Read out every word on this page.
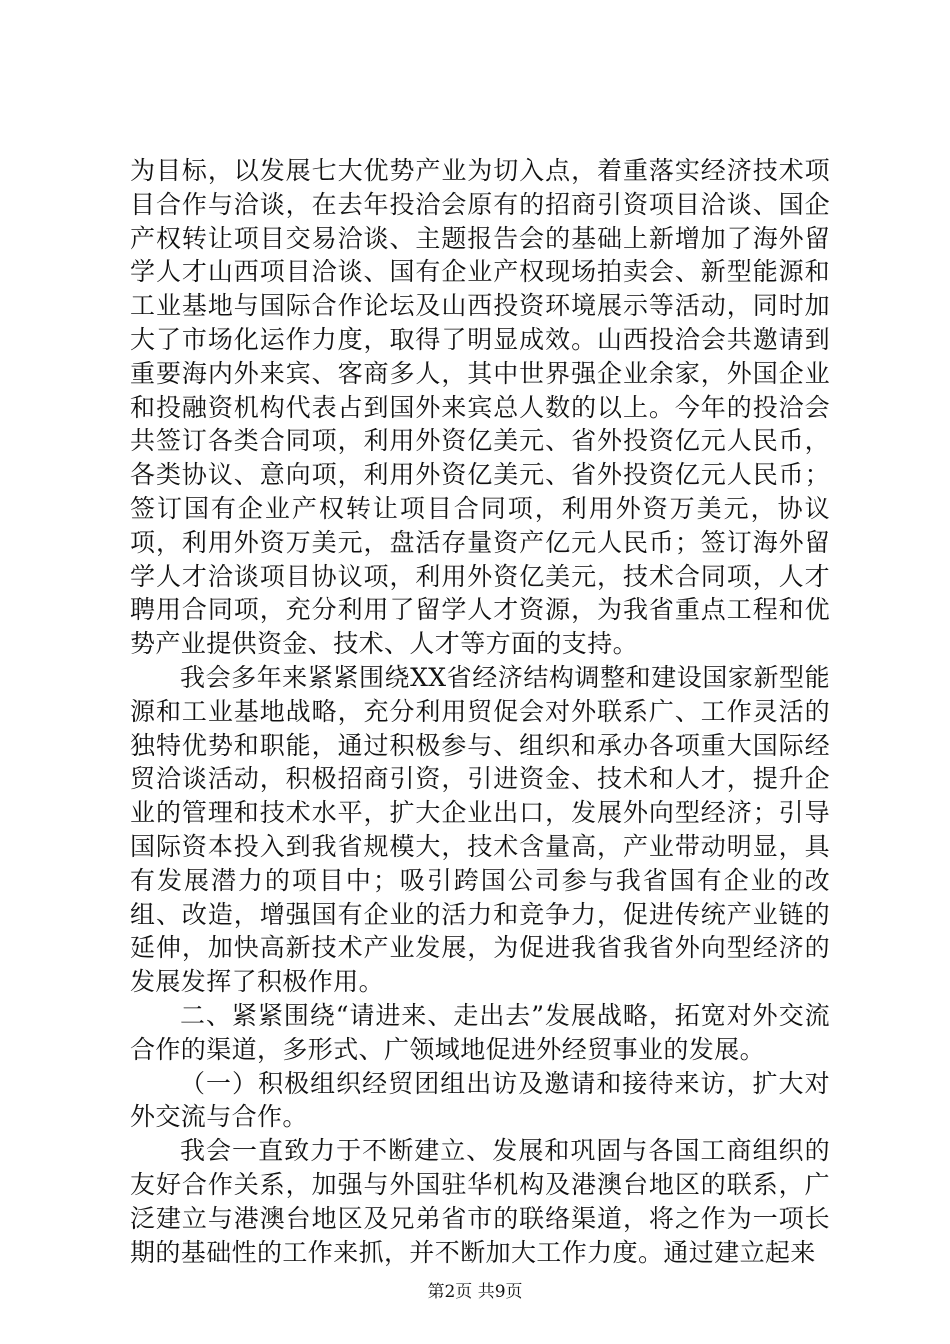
为目标，以发展七大优势产业为切入点，着重落实经济技术项目合作与洽谈，在去年投洽会原有的招商引资项目洽谈、国企产权转让项目交易洽谈、主题报告会的基础上新增加了海外留学人才山西项目洽谈、国有企业产权现场拍卖会、新型能源和工业基地与国际合作论坛及山西投资环境展示等活动，同时加大了市场化运作力度，取得了明显成效。山西投洽会共邀请到重要海内外来宾、客商多人，其中世界强企业余家，外国企业和投融资机构代表占到国外来宾总人数的以上。今年的投洽会共签订各类合同项，利用外资亿美元、省外投资亿元人民币，各类协议、意向项，利用外资亿美元、省外投资亿元人民币；签订国有企业产权转让项目合同项，利用外资万美元，协议项，利用外资万美元，盘活存量资产亿元人民币；签订海外留学人才洽谈项目协议项，利用外资亿美元，技术合同项，人才聘用合同项，充分利用了留学人才资源，为我省重点工程和优势产业提供资金、技术、人才等方面的支持。

我会多年来紧紧围绕XX省经济结构调整和建设国家新型能源和工业基地战略，充分利用贸促会对外联系广、工作灵活的独特优势和职能，通过积极参与、组织和承办各项重大国际经贸洽谈活动，积极招商引资，引进资金、技术和人才，提升企业的管理和技术水平，扩大企业出口，发展外向型经济；引导国际资本投入到我省规模大，技术含量高，产业带动明显，具有发展潜力的项目中；吸引跨国公司参与我省国有企业的改组、改造，增强国有企业的活力和竞争力，促进传统产业链的延伸，加快高新技术产业发展，为促进我省我省外向型经济的发展发挥了积极作用。

二、紧紧围绕“请进来、走出去”发展战略，拓宽对外交流合作的渠道，多形式、广领域地促进外经贸事业的发展。

（一）积极组织经贸团组出访及邀请和接待来访，扩大对外交流与合作。

我会一直致力于不断建立、发展和巩固与各国工商组织的友好合作关系，加强与外国驻华机构及港澳台地区的联系，广泛建立与港澳台地区及兄弟省市的联络渠道，将之作为一项长期的基础性的工作来抓，并不断加大工作力度。通过建立起来

第2页 共9页
